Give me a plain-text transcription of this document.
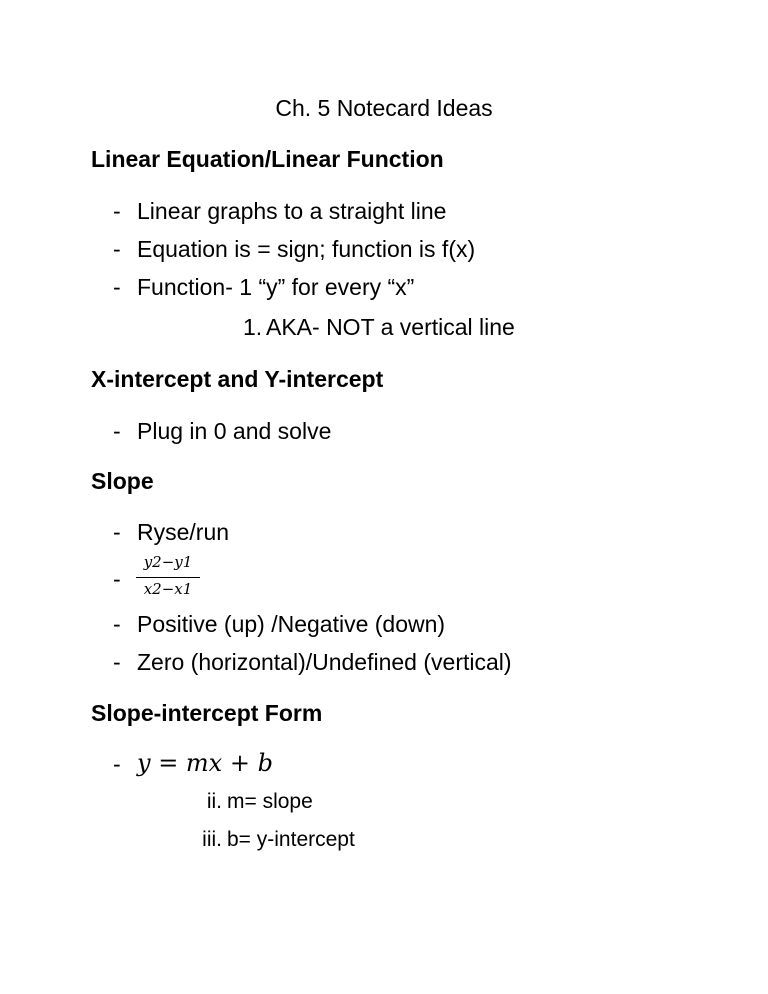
Ch. 5 Notecard Ideas
Linear Equation/Linear Function
- Linear graphs to a straight line
- Equation is = sign; function is f(x)
- Function- 1 “y” for every “x”
1. AKA- NOT a vertical line
X-intercept and Y-intercept
- Plug in 0 and solve
Slope
- Ryse/run
-
y2−y1
x2−x1
- Positive (up) /Negative (down)
- Zero (horizontal)/Undefined (vertical)
Slope-intercept Form
- y = mx + b
ii. m= slope
iii. b= y-intercept
